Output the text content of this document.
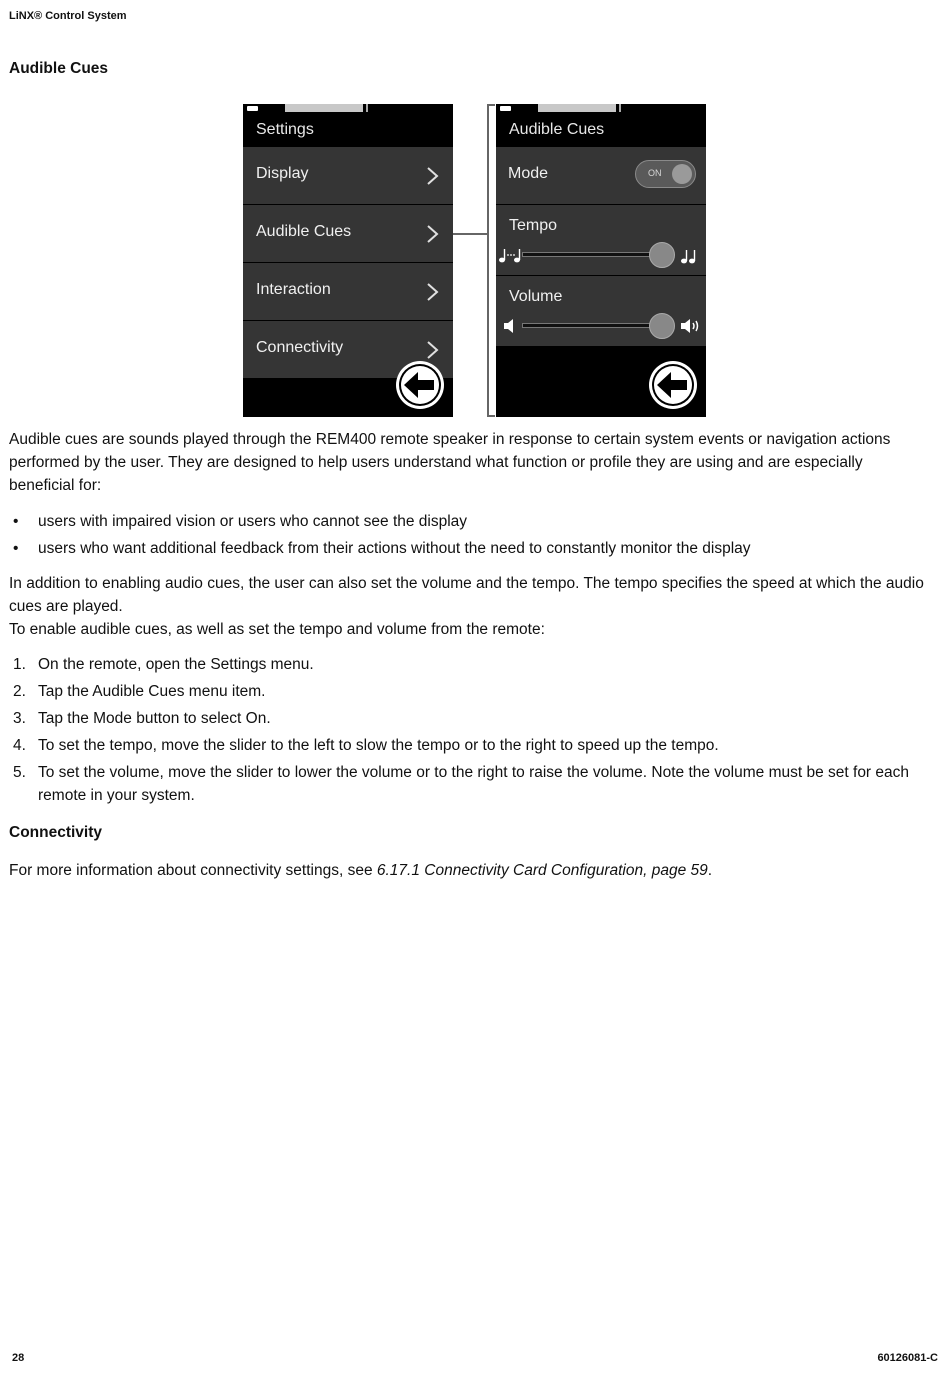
LiNX® Control System
Audible Cues
Settings
Display
Audible Cues
Interaction
Connectivity
Audible Cues
Mode	ON
Tempo
Volume

Audible cues are sounds played through the REM400 remote speaker in response to certain system events or navigation actions performed by the user. They are designed to help users understand what function or profile they are using and are especially beneficial for:

• users with impaired vision or users who cannot see the display
• users who want additional feedback from their actions without the need to constantly monitor the display

In addition to enabling audio cues, the user can also set the volume and the tempo. The tempo specifies the speed at which the audio cues are played.

To enable audible cues, as well as set the tempo and volume from the remote:

1. On the remote, open the Settings menu.
2. Tap the Audible Cues menu item.
3. Tap the Mode button to select On.
4. To set the tempo, move the slider to the left to slow the tempo or to the right to speed up the tempo.
5. To set the volume, move the slider to lower the volume or to the right to raise the volume. Note the volume must be set for each remote in your system.
Connectivity

For more information about connectivity settings, see 6.17.1 Connectivity Card Configuration, page 59.

28	60126081-C
